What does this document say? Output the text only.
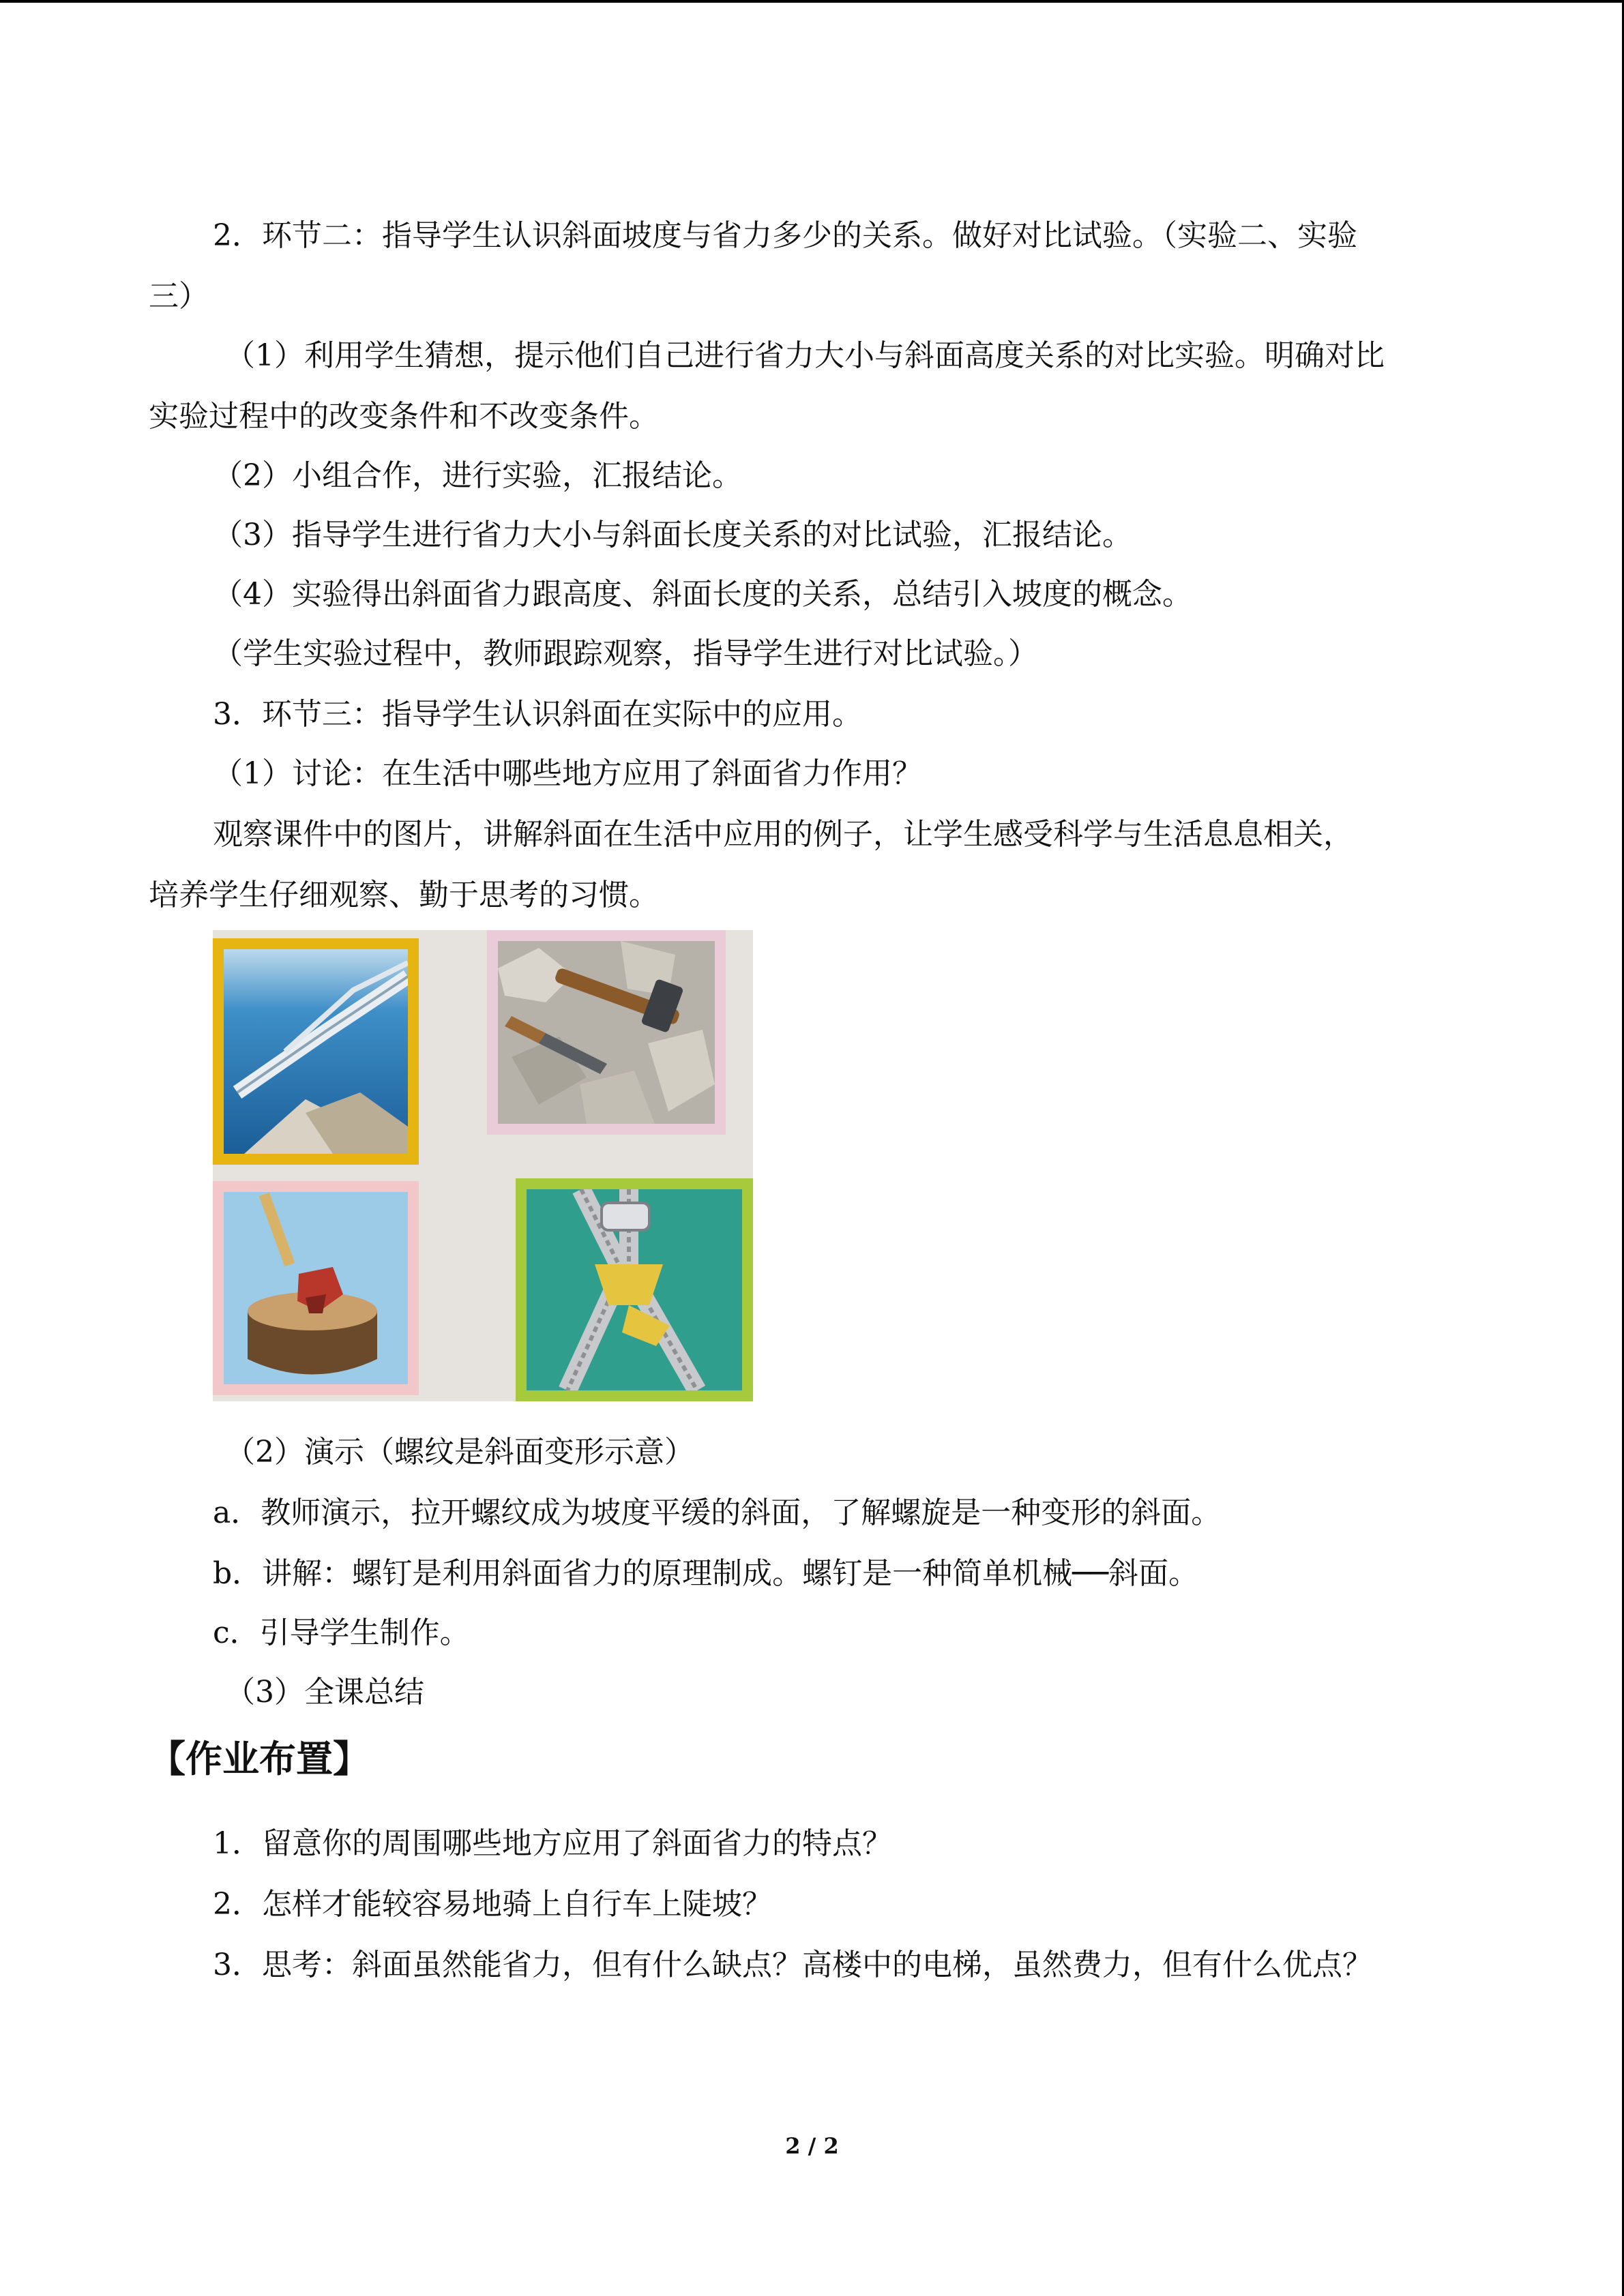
2．环节二：指导学生认识斜面坡度与省力多少的关系。做好对比试验。（实验二、实验
三）
（1）利用学生猜想，提示他们自己进行省力大小与斜面高度关系的对比实验。明确对比
实验过程中的改变条件和不改变条件。
（2）小组合作，进行实验，汇报结论。
（3）指导学生进行省力大小与斜面长度关系的对比试验，汇报结论。
（4）实验得出斜面省力跟高度、斜面长度的关系，总结引入坡度的概念。
（学生实验过程中，教师跟踪观察，指导学生进行对比试验。）
3．环节三：指导学生认识斜面在实际中的应用。
（1）讨论：在生活中哪些地方应用了斜面省力作用？
观察课件中的图片，讲解斜面在生活中应用的例子，让学生感受科学与生活息息相关，
培养学生仔细观察、勤于思考的习惯。
（2）演示（螺纹是斜面变形示意）
a．教师演示，拉开螺纹成为坡度平缓的斜面，了解螺旋是一种变形的斜面。
b．讲解：螺钉是利用斜面省力的原理制成。螺钉是一种简单机械──斜面。
c．引导学生制作。
（3）全课总结
【作业布置】
1．留意你的周围哪些地方应用了斜面省力的特点？
2．怎样才能较容易地骑上自行车上陡坡？
3．思考：斜面虽然能省力，但有什么缺点？高楼中的电梯，虽然费力，但有什么优点？
2 / 2
